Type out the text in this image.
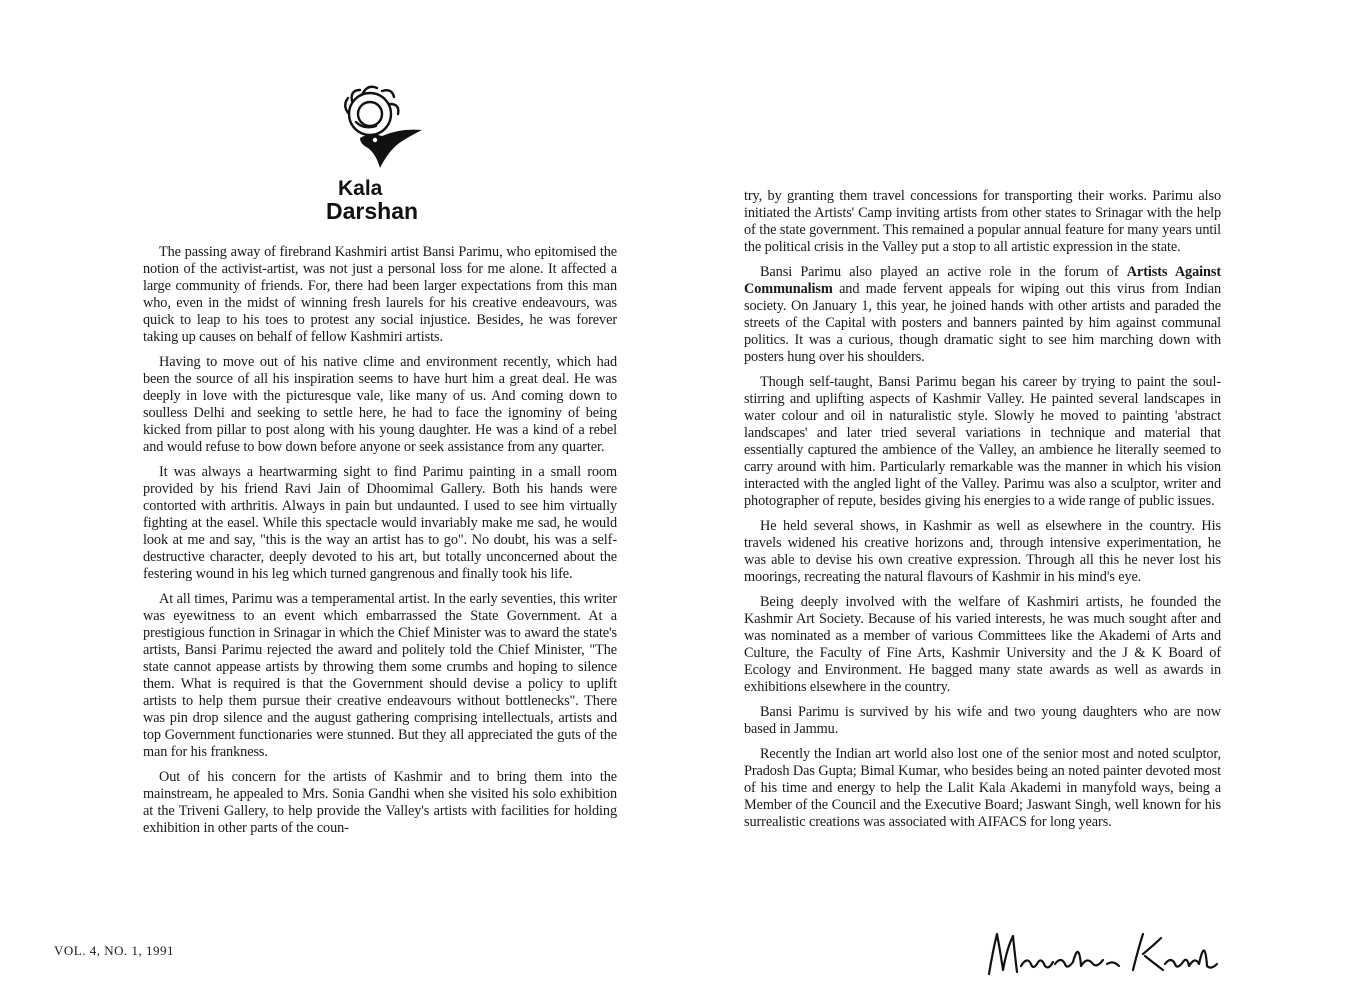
Kala
Darshan

The passing away of firebrand Kashmiri artist Bansi Parimu, who epitomised the notion of the activist-artist, was not just a personal loss for me alone. It affected a large community of friends. For, there had been larger expectations from this man who, even in the midst of winning fresh laurels for his creative endeavours, was quick to leap to his toes to protest any social injustice. Besides, he was forever taking up causes on behalf of fellow Kashmiri artists.

Having to move out of his native clime and environment recently, which had been the source of all his inspiration seems to have hurt him a great deal. He was deeply in love with the picturesque vale, like many of us. And coming down to soulless Delhi and seeking to settle here, he had to face the ignominy of being kicked from pillar to post along with his young daughter. He was a kind of a rebel and would refuse to bow down before anyone or seek assistance from any quarter.

It was always a heartwarming sight to find Parimu painting in a small room provided by his friend Ravi Jain of Dhoomimal Gallery. Both his hands were contorted with arthritis. Always in pain but undaunted. I used to see him virtually fighting at the easel. While this spectacle would invariably make me sad, he would look at me and say, "this is the way an artist has to go". No doubt, his was a self-destructive character, deeply devoted to his art, but totally unconcerned about the festering wound in his leg which turned gangrenous and finally took his life.

At all times, Parimu was a temperamental artist. In the early seventies, this writer was eyewitness to an event which embarrassed the State Government. At a prestigious function in Srinagar in which the Chief Minister was to award the state's artists, Bansi Parimu rejected the award and politely told the Chief Minister, "The state cannot appease artists by throwing them some crumbs and hoping to silence them. What is required is that the Government should devise a policy to uplift artists to help them pursue their creative endeavours without bottlenecks". There was pin drop silence and the august gathering comprising intellectuals, artists and top Government functionaries were stunned. But they all appreciated the guts of the man for his frankness.

Out of his concern for the artists of Kashmir and to bring them into the mainstream, he appealed to Mrs. Sonia Gandhi when she visited his solo exhibition at the Triveni Gallery, to help provide the Valley's artists with facilities for holding exhibition in other parts of the coun-

try, by granting them travel concessions for transporting their works. Parimu also initiated the Artists' Camp inviting artists from other states to Srinagar with the help of the state government. This remained a popular annual feature for many years until the political crisis in the Valley put a stop to all artistic expression in the state.

Bansi Parimu also played an active role in the forum of Artists Against Communalism and made fervent appeals for wiping out this virus from Indian society. On January 1, this year, he joined hands with other artists and paraded the streets of the Capital with posters and banners painted by him against communal politics. It was a curious, though dramatic sight to see him marching down with posters hung over his shoulders.

Though self-taught, Bansi Parimu began his career by trying to paint the soul-stirring and uplifting aspects of Kashmir Valley. He painted several landscapes in water colour and oil in naturalistic style. Slowly he moved to painting 'abstract landscapes' and later tried several variations in technique and material that essentially captured the ambience of the Valley, an ambience he literally seemed to carry around with him. Particularly remarkable was the manner in which his vision interacted with the angled light of the Valley. Parimu was also a sculptor, writer and photographer of repute, besides giving his energies to a wide range of public issues.

He held several shows, in Kashmir as well as elsewhere in the country. His travels widened his creative horizons and, through intensive experimentation, he was able to devise his own creative expression. Through all this he never lost his moorings, recreating the natural flavours of Kashmir in his mind's eye.

Being deeply involved with the welfare of Kashmiri artists, he founded the Kashmir Art Society. Because of his varied interests, he was much sought after and was nominated as a member of various Committees like the Akademi of Arts and Culture, the Faculty of Fine Arts, Kashmir University and the J & K Board of Ecology and Environment. He bagged many state awards as well as awards in exhibitions elsewhere in the country.

Bansi Parimu is survived by his wife and two young daughters who are now based in Jammu.

Recently the Indian art world also lost one of the senior most and noted sculptor, Pradosh Das Gupta; Bimal Kumar, who besides being an noted painter devoted most of his time and energy to help the Lalit Kala Akademi in manyfold ways, being a Member of the Council and the Executive Board; Jaswant Singh, well known for his surrealistic creations was associated with AIFACS for long years.

VOL. 4, NO. 1, 1991
